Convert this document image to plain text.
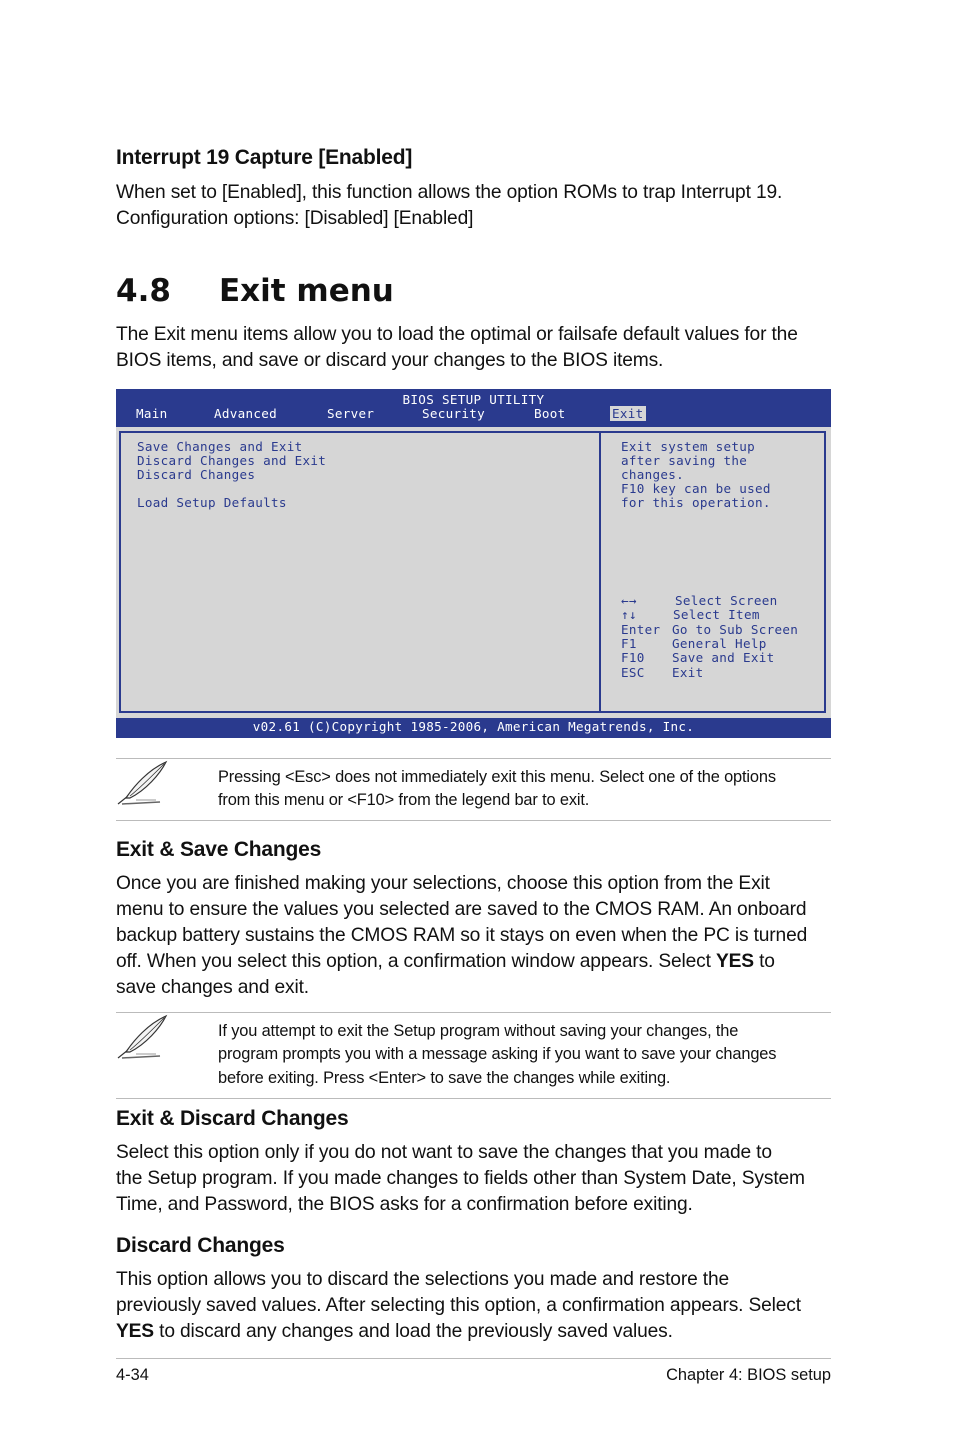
Interrupt 19 Capture [Enabled]
When set to [Enabled], this function allows the option ROMs to trap Interrupt 19.
Configuration options: [Disabled] [Enabled]
4.8 Exit menu
The Exit menu items allow you to load the optimal or failsafe default values for the
BIOS items, and save or discard your changes to the BIOS items.
BIOS SETUP UTILITY
Main	Advanced	Server	Security	Boot	Exit
Save Changes and Exit
Discard Changes and Exit
Discard Changes
Load Setup Defaults
Exit system setup
after saving the
changes.
F10 key can be used
for this operation.
←→	Select Screen
↑↓	Select Item
Enter Go to Sub Screen
F1	General Help
F10 Save and Exit
ESC Exit
v02.61 (C)Copyright 1985-2006, American Megatrends, Inc.
Pressing <Esc> does not immediately exit this menu. Select one of the options
from this menu or <F10> from the legend bar to exit.
Exit & Save Changes
Once you are finished making your selections, choose this option from the Exit
menu to ensure the values you selected are saved to the CMOS RAM. An onboard
backup battery sustains the CMOS RAM so it stays on even when the PC is turned
off. When you select this option, a confirmation window appears. Select YES to
save changes and exit.
If you attempt to exit the Setup program without saving your changes, the
program prompts you with a message asking if you want to save your changes
before exiting. Press <Enter> to save the changes while exiting.
Exit & Discard Changes
Select this option only if you do not want to save the changes that you made to
the Setup program. If you made changes to fields other than System Date, System
Time, and Password, the BIOS asks for a confirmation before exiting.
Discard Changes
This option allows you to discard the selections you made and restore the
previously saved values. After selecting this option, a confirmation appears. Select
YES to discard any changes and load the previously saved values.
4-34	Chapter 4: BIOS setup
